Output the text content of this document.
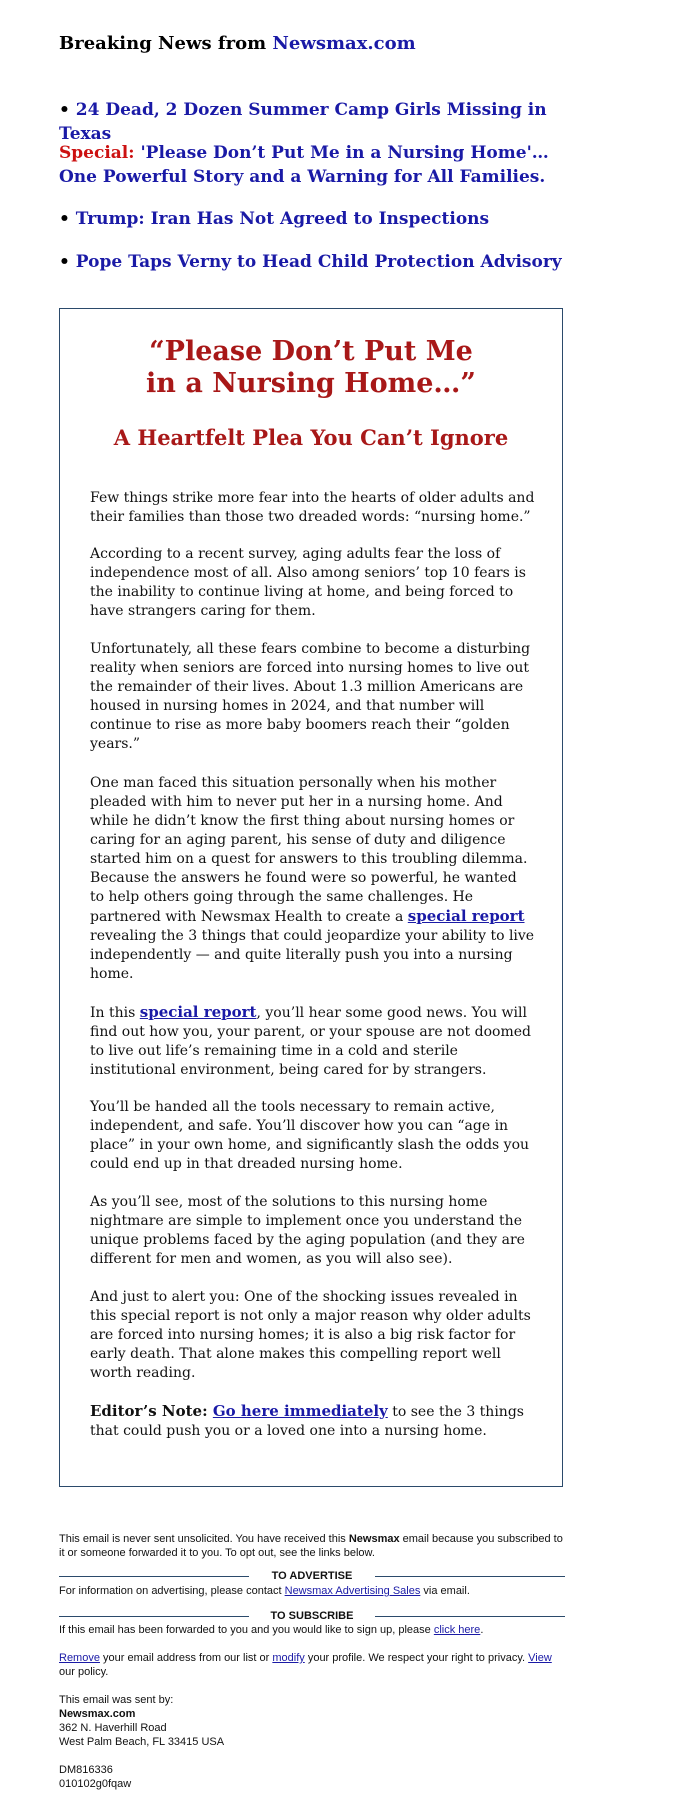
Breaking News from Newsmax.com

• 24 Dead, 2 Dozen Summer Camp Girls Missing in Texas

Special: 'Please Don’t Put Me in a Nursing Home'… One Powerful Story and a Warning for All Families.

• Trump: Iran Has Not Agreed to Inspections

• Pope Taps Verny to Head Child Protection Advisory

“Please Don’t Put Me
in a Nursing Home…”
A Heartfelt Plea You Can’t Ignore

Few things strike more fear into the hearts of older adults and their families than those two dreaded words: “nursing home.”

According to a recent survey, aging adults fear the loss of independence most of all. Also among seniors’ top 10 fears is the inability to continue living at home, and being forced to have strangers caring for them.

Unfortunately, all these fears combine to become a disturbing reality when seniors are forced into nursing homes to live out the remainder of their lives. About 1.3 million Americans are housed in nursing homes in 2024, and that number will continue to rise as more baby boomers reach their “golden years.”

One man faced this situation personally when his mother pleaded with him to never put her in a nursing home. And while he didn’t know the first thing about nursing homes or caring for an aging parent, his sense of duty and diligence started him on a quest for answers to this troubling dilemma.

Because the answers he found were so powerful, he wanted to help others going through the same challenges. He partnered with Newsmax Health to create a special report revealing the 3 things that could jeopardize your ability to live independently — and quite literally push you into a nursing home.

In this special report, you’ll hear some good news. You will find out how you, your parent, or your spouse are not doomed to live out life’s remaining time in a cold and sterile institutional environment, being cared for by strangers.

You’ll be handed all the tools necessary to remain active, independent, and safe. You’ll discover how you can “age in place” in your own home, and significantly slash the odds you could end up in that dreaded nursing home.

As you’ll see, most of the solutions to this nursing home nightmare are simple to implement once you understand the unique problems faced by the aging population (and they are different for men and women, as you will also see).

And just to alert you: One of the shocking issues revealed in this special report is not only a major reason why older adults are forced into nursing homes; it is also a big risk factor for early death. That alone makes this compelling report well worth reading.

Editor’s Note: Go here immediately to see the 3 things that could push you or a loved one into a nursing home.

This email is never sent unsolicited. You have received this Newsmax email because you subscribed to it or someone forwarded it to you. To opt out, see the links below.

TO ADVERTISE

For information on advertising, please contact Newsmax Advertising Sales via email.

TO SUBSCRIBE

If this email has been forwarded to you and you would like to sign up, please click here.

Remove your email address from our list or modify your profile. We respect your right to privacy. View our policy.

This email was sent by:
Newsmax.com
362 N. Haverhill Road
West Palm Beach, FL 33415 USA

DM816336
010102g0fqaw
